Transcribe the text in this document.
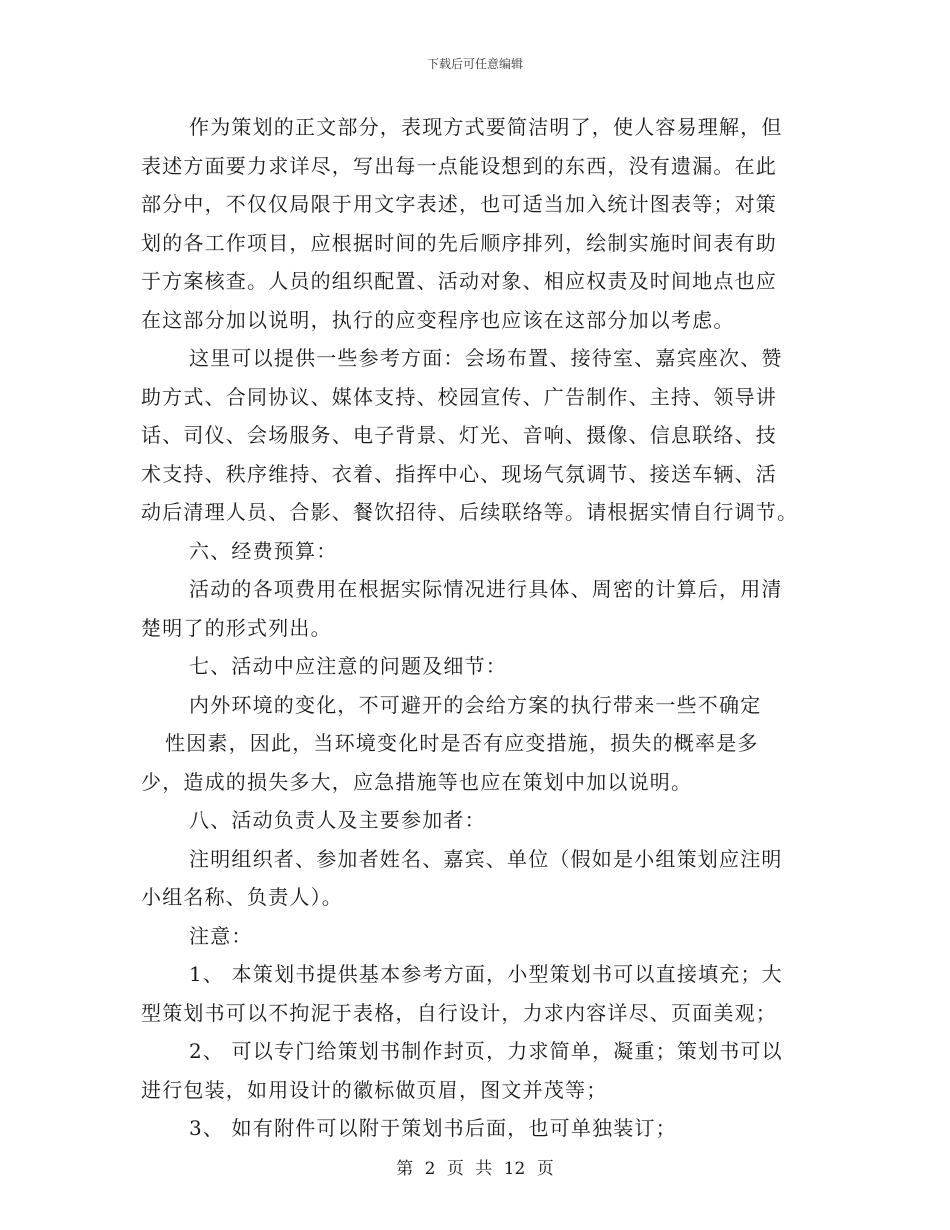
下载后可任意编辑
作为策划的正文部分，表现方式要简洁明了，使人容易理解，但
表述方面要力求详尽，写出每一点能设想到的东西，没有遗漏。在此
部分中，不仅仅局限于用文字表述，也可适当加入统计图表等；对策
划的各工作项目，应根据时间的先后顺序排列，绘制实施时间表有助
于方案核查。人员的组织配置、活动对象、相应权责及时间地点也应
在这部分加以说明，执行的应变程序也应该在这部分加以考虑。
这里可以提供一些参考方面：会场布置、接待室、嘉宾座次、赞
助方式、合同协议、媒体支持、校园宣传、广告制作、主持、领导讲
话、司仪、会场服务、电子背景、灯光、音响、摄像、信息联络、技
术支持、秩序维持、衣着、指挥中心、现场气氛调节、接送车辆、活
动后清理人员、合影、餐饮招待、后续联络等。请根据实情自行调节。
六、经费预算：
活动的各项费用在根据实际情况进行具体、周密的计算后，用清
楚明了的形式列出。
七、活动中应注意的问题及细节：
内外环境的变化，不可避开的会给方案的执行带来一些不确定
性因素，因此，当环境变化时是否有应变措施，损失的概率是多
少，造成的损失多大，应急措施等也应在策划中加以说明。
八、活动负责人及主要参加者：
注明组织者、参加者姓名、嘉宾、单位（假如是小组策划应注明
小组名称、负责人）。
注意：
1、 本策划书提供基本参考方面，小型策划书可以直接填充；大
型策划书可以不拘泥于表格，自行设计，力求内容详尽、页面美观；
2、 可以专门给策划书制作封页，力求简单，凝重；策划书可以
进行包装，如用设计的徽标做页眉，图文并茂等；
3、 如有附件可以附于策划书后面，也可单独装订；
第 2 页 共 12 页
